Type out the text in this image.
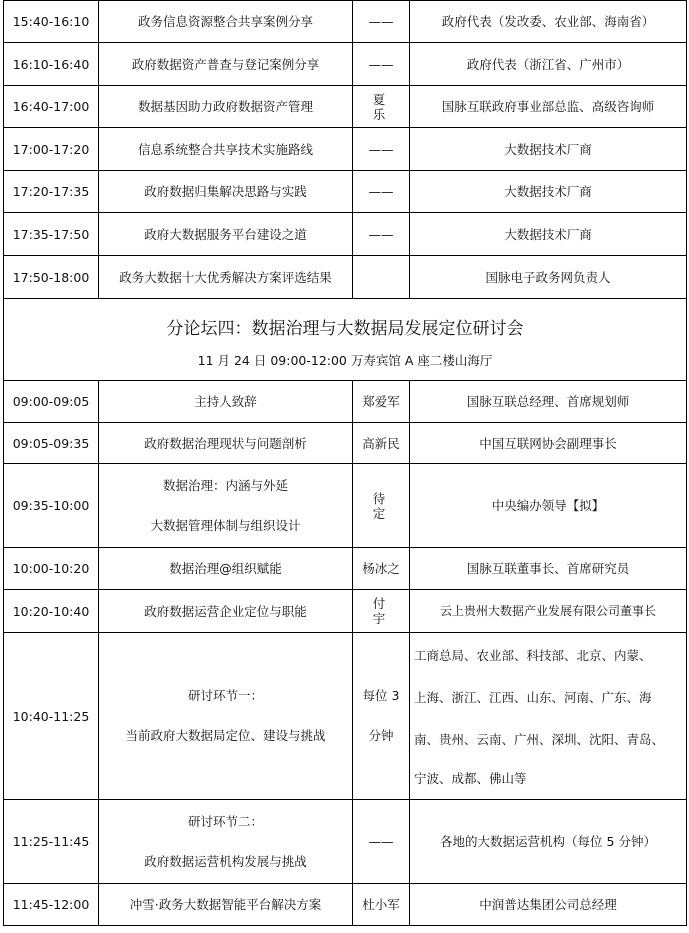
15:40-16:10	政务信息资源整合共享案例分享	——	政府代表（发改委、农业部、海南省）
16:10-16:40	政府数据资产普查与登记案例分享	——	政府代表（浙江省、广州市）
16:40-17:00	数据基因助力政府数据资产管理	夏乐	国脉互联政府事业部总监、高级咨询师
17:00-17:20	信息系统整合共享技术实施路线	——	大数据技术厂商
17:20-17:35	政府数据归集解决思路与实践	——	大数据技术厂商
17:35-17:50	政府大数据服务平台建设之道	——	大数据技术厂商
17:50-18:00	政务大数据十大优秀解决方案评选结果		国脉电子政务网负责人

分论坛四：数据治理与大数据局发展定位研讨会
11 月 24 日 09:00-12:00 万寿宾馆 A 座二楼山海厅			

09:00-09:05	主持人致辞	郑爱军	国脉互联总经理、首席规划师
09:05-09:35	政府数据治理现状与问题剖析	高新民	中国互联网协会副理事长
09:35-10:00	数据治理：内涵与外延
大数据管理体制与组织设计	待定	中央编办领导【拟】
10:00-10:20	数据治理@组织赋能	杨冰之	国脉互联董事长、首席研究员
10:20-10:40	政府数据运营企业定位与职能	付宇	云上贵州大数据产业发展有限公司董事长
10:40-11:25	研讨环节一：
当前政府大数据局定位、建设与挑战	每位 3
分钟	工商总局、农业部、科技部、北京、内蒙、
上海、浙江、江西、山东、河南、广东、海
南、贵州、云南、广州、深圳、沈阳、青岛、
宁波、成都、佛山等

11:25-11:45	研讨环节二：
政府数据运营机构发展与挑战	——	各地的大数据运营机构（每位 5 分钟）
11:45-12:00	冲雪·政务大数据智能平台解决方案	杜小军	中润普达集团公司总经理
